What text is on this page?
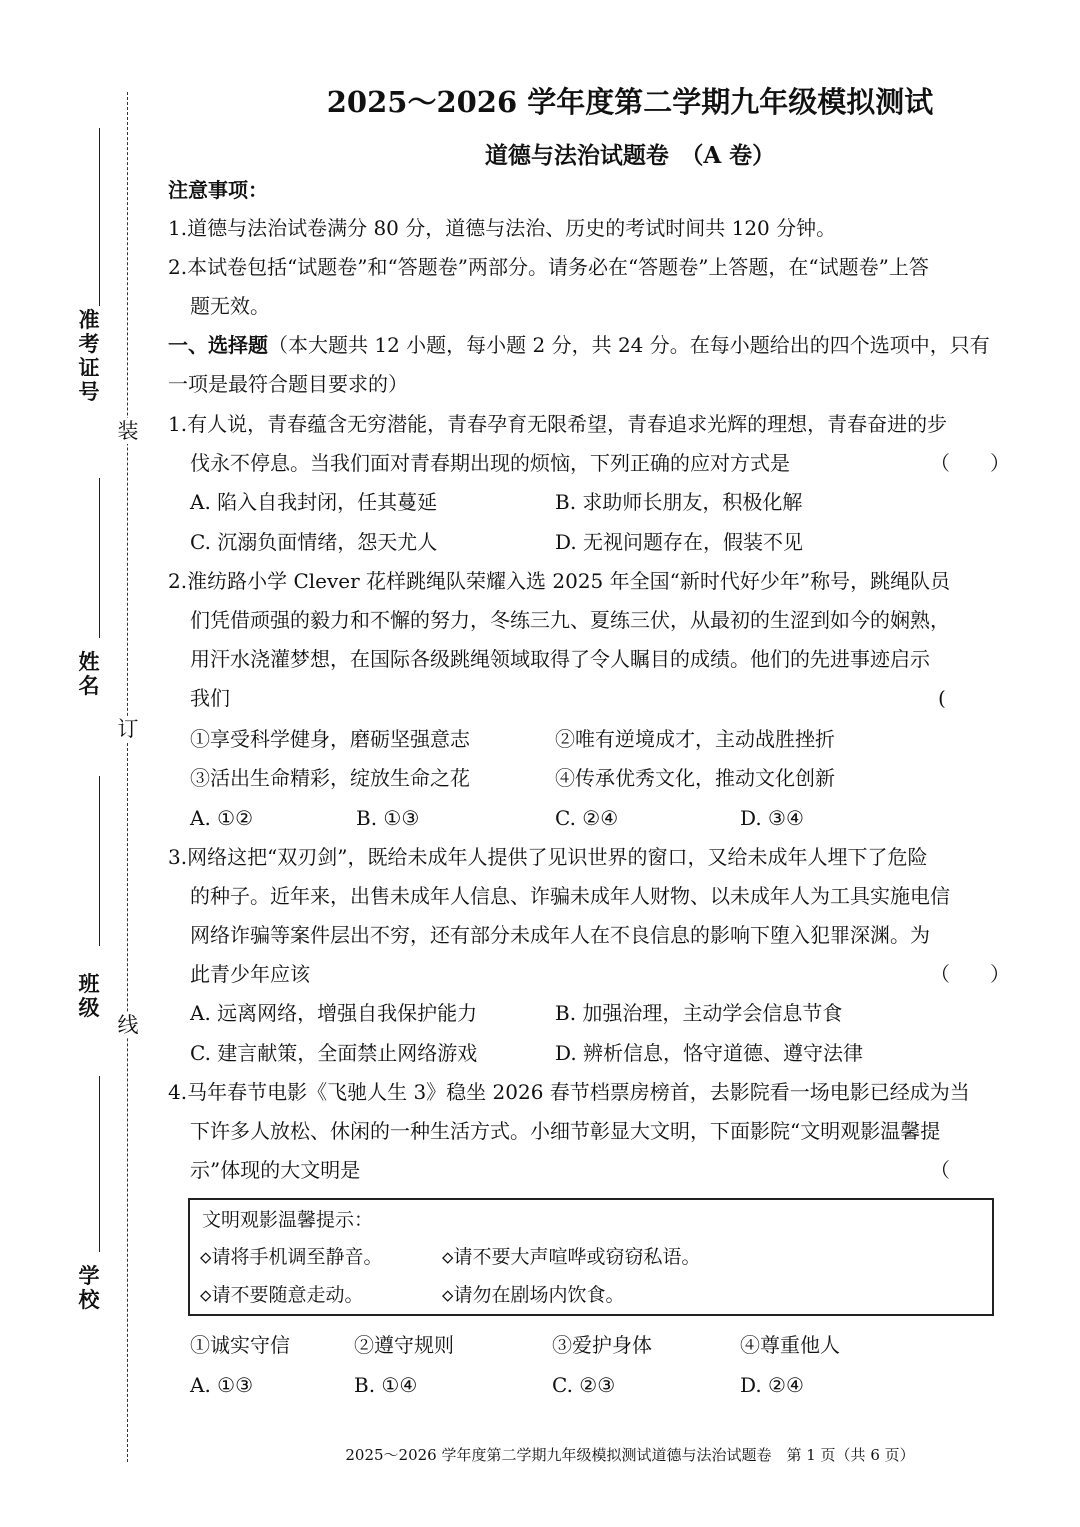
装
订
线
准
考
证
号
姓
名
班
级
学
校
2025～2026 学年度第二学期九年级模拟测试
道德与法治试题卷　（A 卷）
注意事项：
1.道德与法治试卷满分 80 分，道德与法治、历史的考试时间共 120 分钟。
2.本试卷包括“试题卷”和“答题卷”两部分。请务必在“答题卷”上答题，在“试题卷”上答
题无效。
一、选择题（本大题共 12 小题，每小题 2 分，共 24 分。在每小题给出的四个选项中，只有
一项是最符合题目要求的）
1.有人说，青春蕴含无穷潜能，青春孕育无限希望，青春追求光辉的理想，青春奋进的步
伐永不停息。当我们面对青春期出现的烦恼，下列正确的应对方式是	（　　）
A. 陷入自我封闭，任其蔓延	B. 求助师长朋友，积极化解
C. 沉溺负面情绪，怨天尤人	D. 无视问题存在，假装不见
2.淮纺路小学 Clever 花样跳绳队荣耀入选 2025 年全国“新时代好少年”称号，跳绳队员
们凭借顽强的毅力和不懈的努力，冬练三九、夏练三伏，从最初的生涩到如今的娴熟，
用汗水浇灌梦想，在国际各级跳绳领域取得了令人瞩目的成绩。他们的先进事迹启示
我们	(
①享受科学健身，磨砺坚强意志	②唯有逆境成才，主动战胜挫折
③活出生命精彩，绽放生命之花	④传承优秀文化，推动文化创新
A. ①②	B. ①③	C. ②④	D. ③④
3.网络这把“双刃剑”，既给未成年人提供了见识世界的窗口，又给未成年人埋下了危险
的种子。近年来，出售未成年人信息、诈骗未成年人财物、以未成年人为工具实施电信
网络诈骗等案件层出不穷，还有部分未成年人在不良信息的影响下堕入犯罪深渊。为
此青少年应该	（　　）
A. 远离网络，增强自我保护能力	B. 加强治理，主动学会信息节食
C. 建言献策，全面禁止网络游戏	D. 辨析信息，恪守道德、遵守法律
4.马年春节电影《飞驰人生 3》稳坐 2026 春节档票房榜首，去影院看一场电影已经成为当
下许多人放松、休闲的一种生活方式。小细节彰显大文明，下面影院“文明观影温馨提
示”体现的大文明是	（
文明观影温馨提示：
◇请将手机调至静音。	◇请不要大声喧哗或窃窃私语。
◇请不要随意走动。	◇请勿在剧场内饮食。
①诚实守信	②遵守规则	③爱护身体	④尊重他人
A. ①③	B. ①④	C. ②③	D. ②④
2025～2026 学年度第二学期九年级模拟测试道德与法治试题卷　第 1 页（共 6 页）
